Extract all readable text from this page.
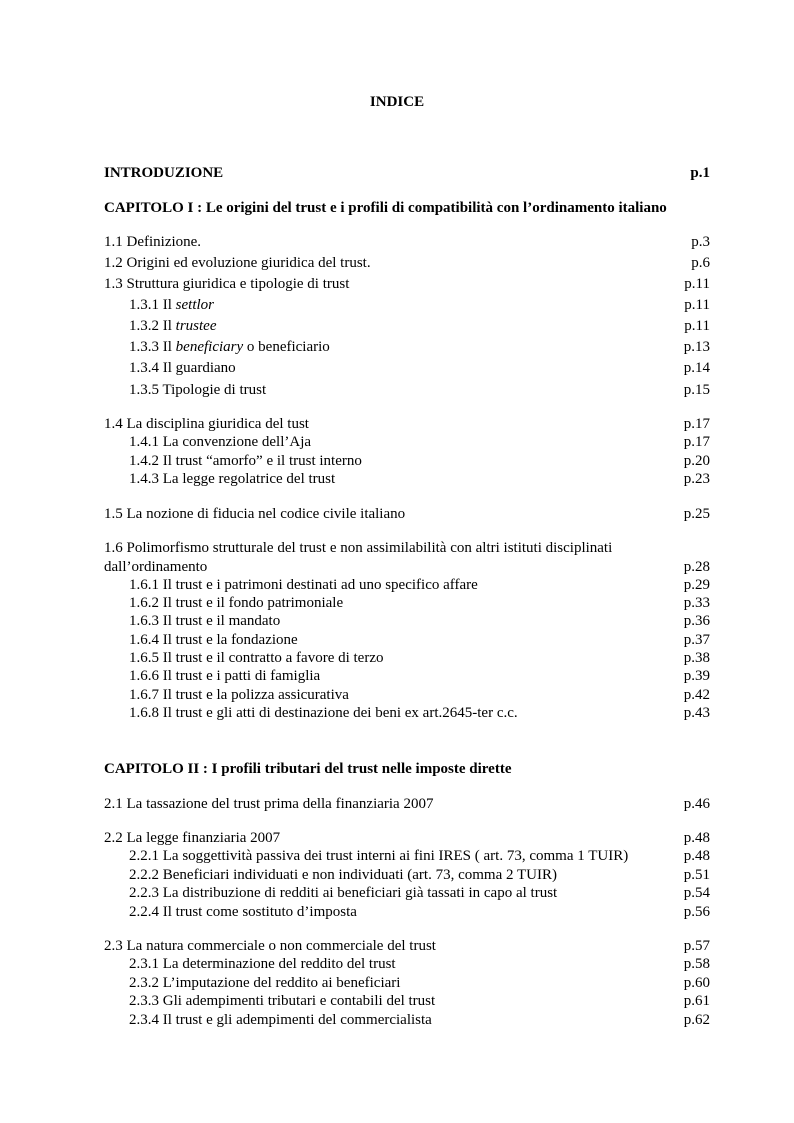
INDICE
INTRODUZIONE	p.1
CAPITOLO I : Le origini del trust e i profili di compatibilità con l’ordinamento italiano
1.1 Definizione.	p.3
1.2 Origini ed evoluzione giuridica del trust.	p.6
1.3 Struttura giuridica e tipologie di trust	p.11
1.3.1 Il settlor	p.11
1.3.2 Il trustee	p.11
1.3.3 Il beneficiary o beneficiario	p.13
1.3.4 Il guardiano	p.14
1.3.5 Tipologie di trust	p.15
1.4 La disciplina giuridica del tust	p.17
1.4.1 La convenzione dell’Aja	p.17
1.4.2 Il trust “amorfo” e il trust interno	p.20
1.4.3 La legge regolatrice del trust	p.23
1.5 La nozione di fiducia nel codice civile italiano	p.25
1.6 Polimorfismo strutturale del trust e non assimilabilità con altri istituti disciplinati
dall’ordinamento	p.28
1.6.1 Il trust e i patrimoni destinati ad uno specifico affare	p.29
1.6.2 Il trust e il fondo patrimoniale	p.33
1.6.3 Il trust e il mandato	p.36
1.6.4 Il trust e la fondazione	p.37
1.6.5 Il trust e il contratto a favore di terzo	p.38
1.6.6 Il trust e i patti di famiglia	p.39
1.6.7 Il trust e la polizza assicurativa	p.42
1.6.8 Il trust e gli atti di destinazione dei beni ex art.2645-ter c.c.	p.43
CAPITOLO II : I profili tributari del trust nelle imposte dirette
2.1 La tassazione del trust prima della finanziaria 2007	p.46
2.2 La legge finanziaria 2007	p.48
2.2.1 La soggettività passiva dei trust interni ai fini IRES ( art. 73, comma 1 TUIR)	p.48
2.2.2 Beneficiari individuati e non individuati (art. 73, comma 2 TUIR)	p.51
2.2.3 La distribuzione di redditi ai beneficiari già tassati in capo al trust	p.54
2.2.4 Il trust come sostituto d’imposta	p.56
2.3 La natura commerciale o non commerciale del trust	p.57
2.3.1 La determinazione del reddito del trust	p.58
2.3.2 L’imputazione del reddito ai beneficiari	p.60
2.3.3 Gli adempimenti tributari e contabili del trust	p.61
2.3.4 Il trust e gli adempimenti del commercialista	p.62
